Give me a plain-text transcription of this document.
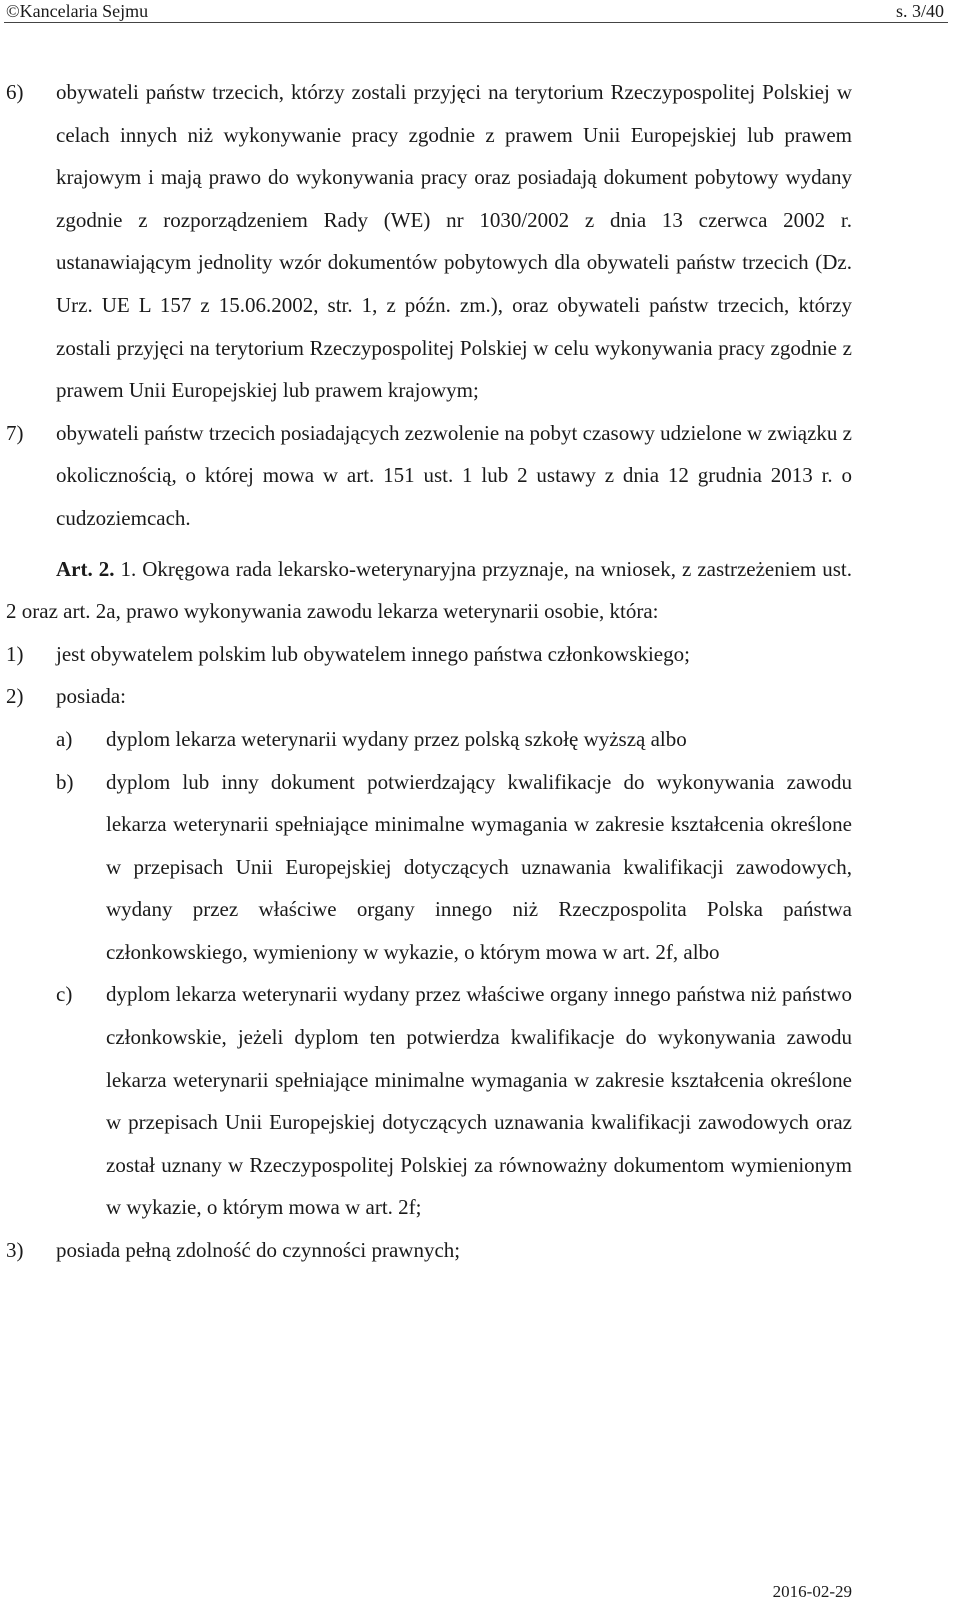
©Kancelaria Sejmu	s. 3/40
6)	obywateli państw trzecich, którzy zostali przyjęci na terytorium Rzeczypospolitej Polskiej w celach innych niż wykonywanie pracy zgodnie z prawem Unii Europejskiej lub prawem krajowym i mają prawo do wykonywania pracy oraz posiadają dokument pobytowy wydany zgodnie z rozporządzeniem Rady (WE) nr 1030/2002 z dnia 13 czerwca 2002 r. ustanawiającym jednolity wzór dokumentów pobytowych dla obywateli państw trzecich (Dz. Urz. UE L 157 z 15.06.2002, str. 1, z późn. zm.), oraz obywateli państw trzecich, którzy zostali przyjęci na terytorium Rzeczypospolitej Polskiej w celu wykonywania pracy zgodnie z prawem Unii Europejskiej lub prawem krajowym;
7)	obywateli państw trzecich posiadających zezwolenie na pobyt czasowy udzielone w związku z okolicznością, o której mowa w art. 151 ust. 1 lub 2 ustawy z dnia 12 grudnia 2013 r. o cudzoziemcach.
Art. 2. 1. Okręgowa rada lekarsko-weterynaryjna przyznaje, na wniosek, z zastrzeżeniem ust. 2 oraz art. 2a, prawo wykonywania zawodu lekarza weterynarii osobie, która:
1)	jest obywatelem polskim lub obywatelem innego państwa członkowskiego;
2)	posiada:
a)	dyplom lekarza weterynarii wydany przez polską szkołę wyższą albo
b)	dyplom lub inny dokument potwierdzający kwalifikacje do wykonywania zawodu lekarza weterynarii spełniające minimalne wymagania w zakresie kształcenia określone w przepisach Unii Europejskiej dotyczących uznawania kwalifikacji zawodowych, wydany przez właściwe organy innego niż Rzeczpospolita Polska państwa członkowskiego, wymieniony w wykazie, o którym mowa w art. 2f, albo
c)	dyplom lekarza weterynarii wydany przez właściwe organy innego państwa niż państwo członkowskie, jeżeli dyplom ten potwierdza kwalifikacje do wykonywania zawodu lekarza weterynarii spełniające minimalne wymagania w zakresie kształcenia określone w przepisach Unii Europejskiej dotyczących uznawania kwalifikacji zawodowych oraz został uznany w Rzeczypospolitej Polskiej za równoważny dokumentom wymienionym w wykazie, o którym mowa w art. 2f;
3)	posiada pełną zdolność do czynności prawnych;
2016-02-29
